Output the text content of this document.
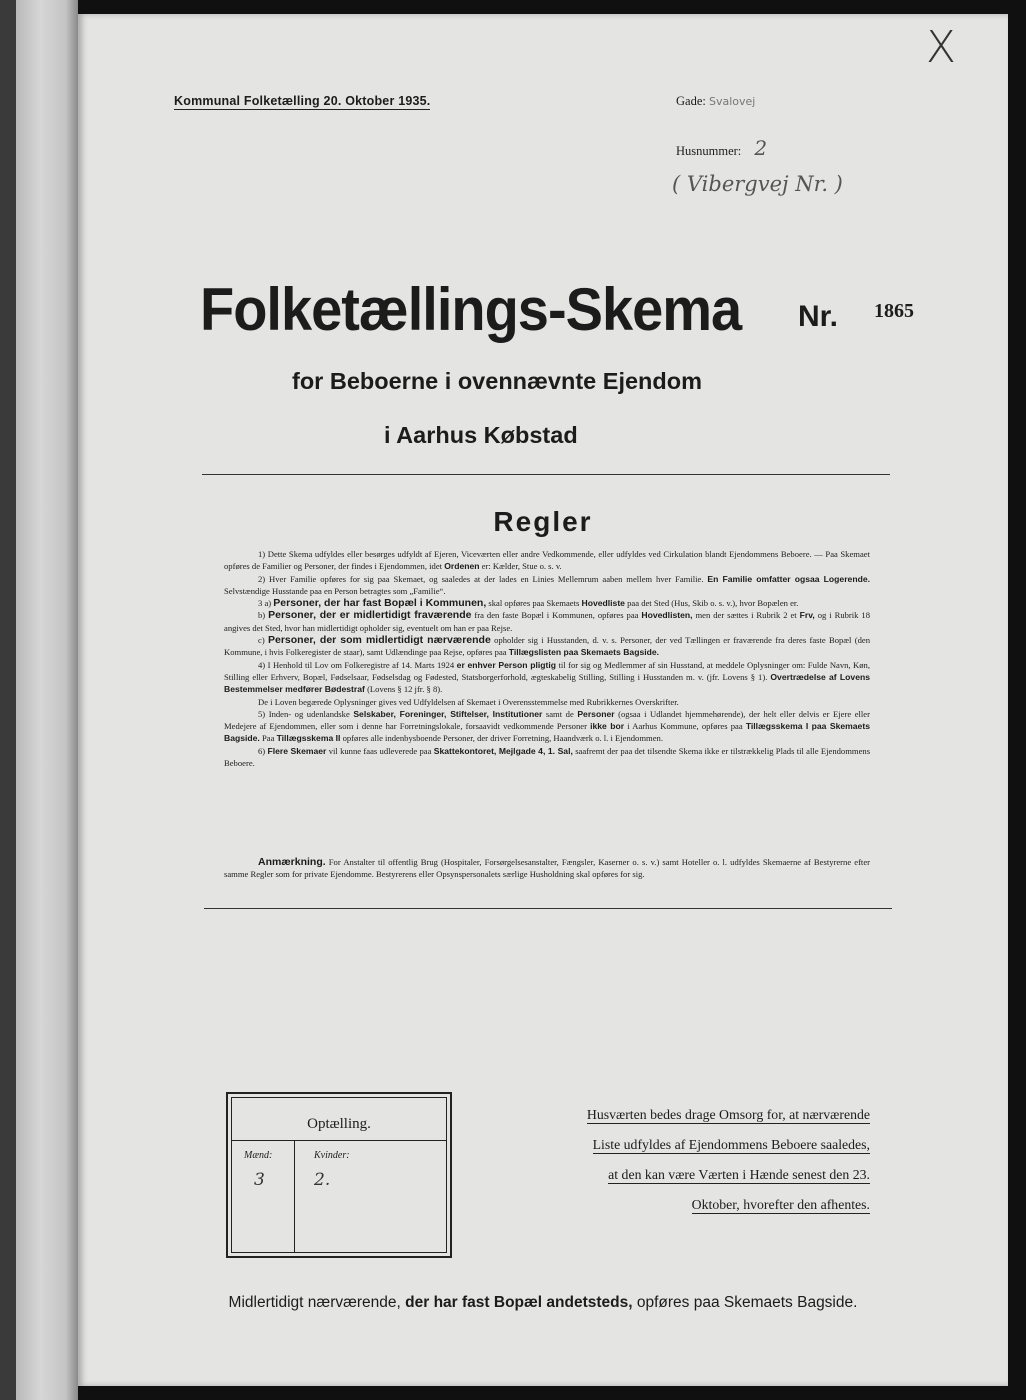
X
Kommunal Folketælling 20. Oktober 1935.	Gade: Svalovej
Husnummer: 2
( Vibergvej Nr. )
Folketællings-Skema Nr. 1865
for Beboerne i ovennævnte Ejendom
i Aarhus Købstad
Regler

1) Dette Skema udfyldes eller besørges udfyldt af Ejeren, Viceværten eller andre Vedkommende, eller udfyldes ved Cirkulation blandt Ejendommens Beboere. — Paa Skemaet opføres de Familier og Personer, der findes i Ejendommen, idet Ordenen er: Kælder, Stue o. s. v.

2) Hver Familie opføres for sig paa Skemaet, og saaledes at der lades en Linies Mellemrum aaben mellem hver Familie. En Familie omfatter ogsaa Logerende. Selvstændige Husstande paa en Person betragtes som „Familie“.

3 a) Personer, der har fast Bopæl i Kommunen, skal opføres paa Skemaets Hovedliste paa det Sted (Hus, Skib o. s. v.), hvor Bopælen er.

b) Personer, der er midlertidigt fraværende fra den faste Bopæl i Kommunen, opføres paa Hovedlisten, men der sættes i Rubrik 2 et Frv, og i Rubrik 18 angives det Sted, hvor han midlertidigt opholder sig, eventuelt om han er paa Rejse.

c) Personer, der som midlertidigt nærværende opholder sig i Husstanden, d. v. s. Personer, der ved Tællingen er fraværende fra deres faste Bopæl (den Kommune, i hvis Folkeregister de staar), samt Udlændinge paa Rejse, opføres paa Tillægslisten paa Skemaets Bagside.

4) I Henhold til Lov om Folkeregistre af 14. Marts 1924 er enhver Person pligtig til for sig og Medlemmer af sin Husstand, at meddele Oplysninger om: Fulde Navn, Køn, Stilling eller Erhverv, Bopæl, Fødselsaar, Fødselsdag og Fødested, Statsborgerforhold, ægteskabelig Stilling, Stilling i Husstanden m. v. (jfr. Lovens § 1). Overtrædelse af Lovens Bestemmelser medfører Bødestraf (Lovens § 12 jfr. § 8).

De i Loven begærede Oplysninger gives ved Udfyldelsen af Skemaet i Overensstemmelse med Rubrikkernes Overskrifter.

5) Inden- og udenlandske Selskaber, Foreninger, Stiftelser, Institutioner samt de Personer (ogsaa i Udlandet hjemmehørende), der helt eller delvis er Ejere eller Medejere af Ejendommen, eller som i denne har Forretningslokale, forsaavidt vedkommende Personer ikke bor i Aarhus Kommune, opføres paa Tillægsskema I paa Skemaets Bagside. Paa Tillægsskema II opføres alle indenbysboende Personer, der driver Forretning, Haandværk o. l. i Ejendommen.

6) Flere Skemaer vil kunne faas udleverede paa Skattekontoret, Mejlgade 4, 1. Sal, saafremt der paa det tilsendte Skema ikke er tilstrækkelig Plads til alle Ejendommens Beboere.

Anmærkning. For Anstalter til offentlig Brug (Hospitaler, Forsørgelsesanstalter, Fængsler, Kaserner o. s. v.) samt Hoteller o. l. udfyldes Skemaerne af Bestyrerne efter samme Regler som for private Ejendomme. Bestyrerens eller Opsynspersonalets særlige Husholdning skal opføres for sig.

Optælling.
Mænd:	Kvinder:
3	2.
Husværten bedes drage Omsorg for, at nærværende
Liste udfyldes af Ejendommens Beboere saaledes,
at den kan være Værten i Hænde senest den 23.
Oktober, hvorefter den afhentes.
Midlertidigt nærværende, der har fast Bopæl andetsteds, opføres paa Skemaets Bagside.
